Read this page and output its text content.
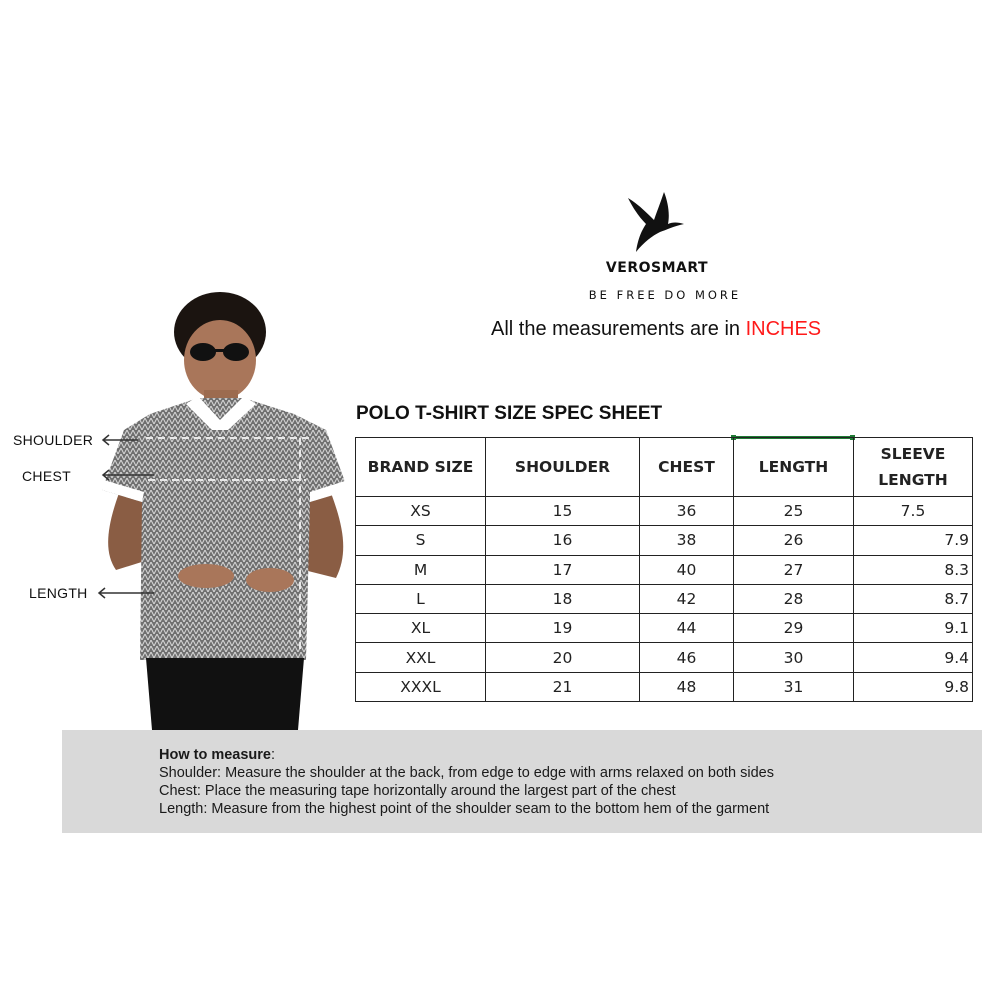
VEROSMART
BE FREE DO MORE
All the measurements are in INCHES
SHOULDER
CHEST
LENGTH
POLO T-SHIRT SIZE SPEC SHEET
BRAND SIZE	SHOULDER	CHEST	LENGTH	SLEEVE
LENGTH

XS	15	36	25	7.5
S	16	38	26	7.9
M	17	40	27	8.3
L	18	42	28	8.7
XL	19	44	29	9.1
XXL	20	46	30	9.4
XXXL	21	48	31	9.8
How to measure:
Shoulder: Measure the shoulder at the back, from edge to edge with arms relaxed on both sides
Chest: Place the measuring tape horizontally around the largest part of the chest
Length: Measure from the highest point of the shoulder seam to the bottom hem of the garment
